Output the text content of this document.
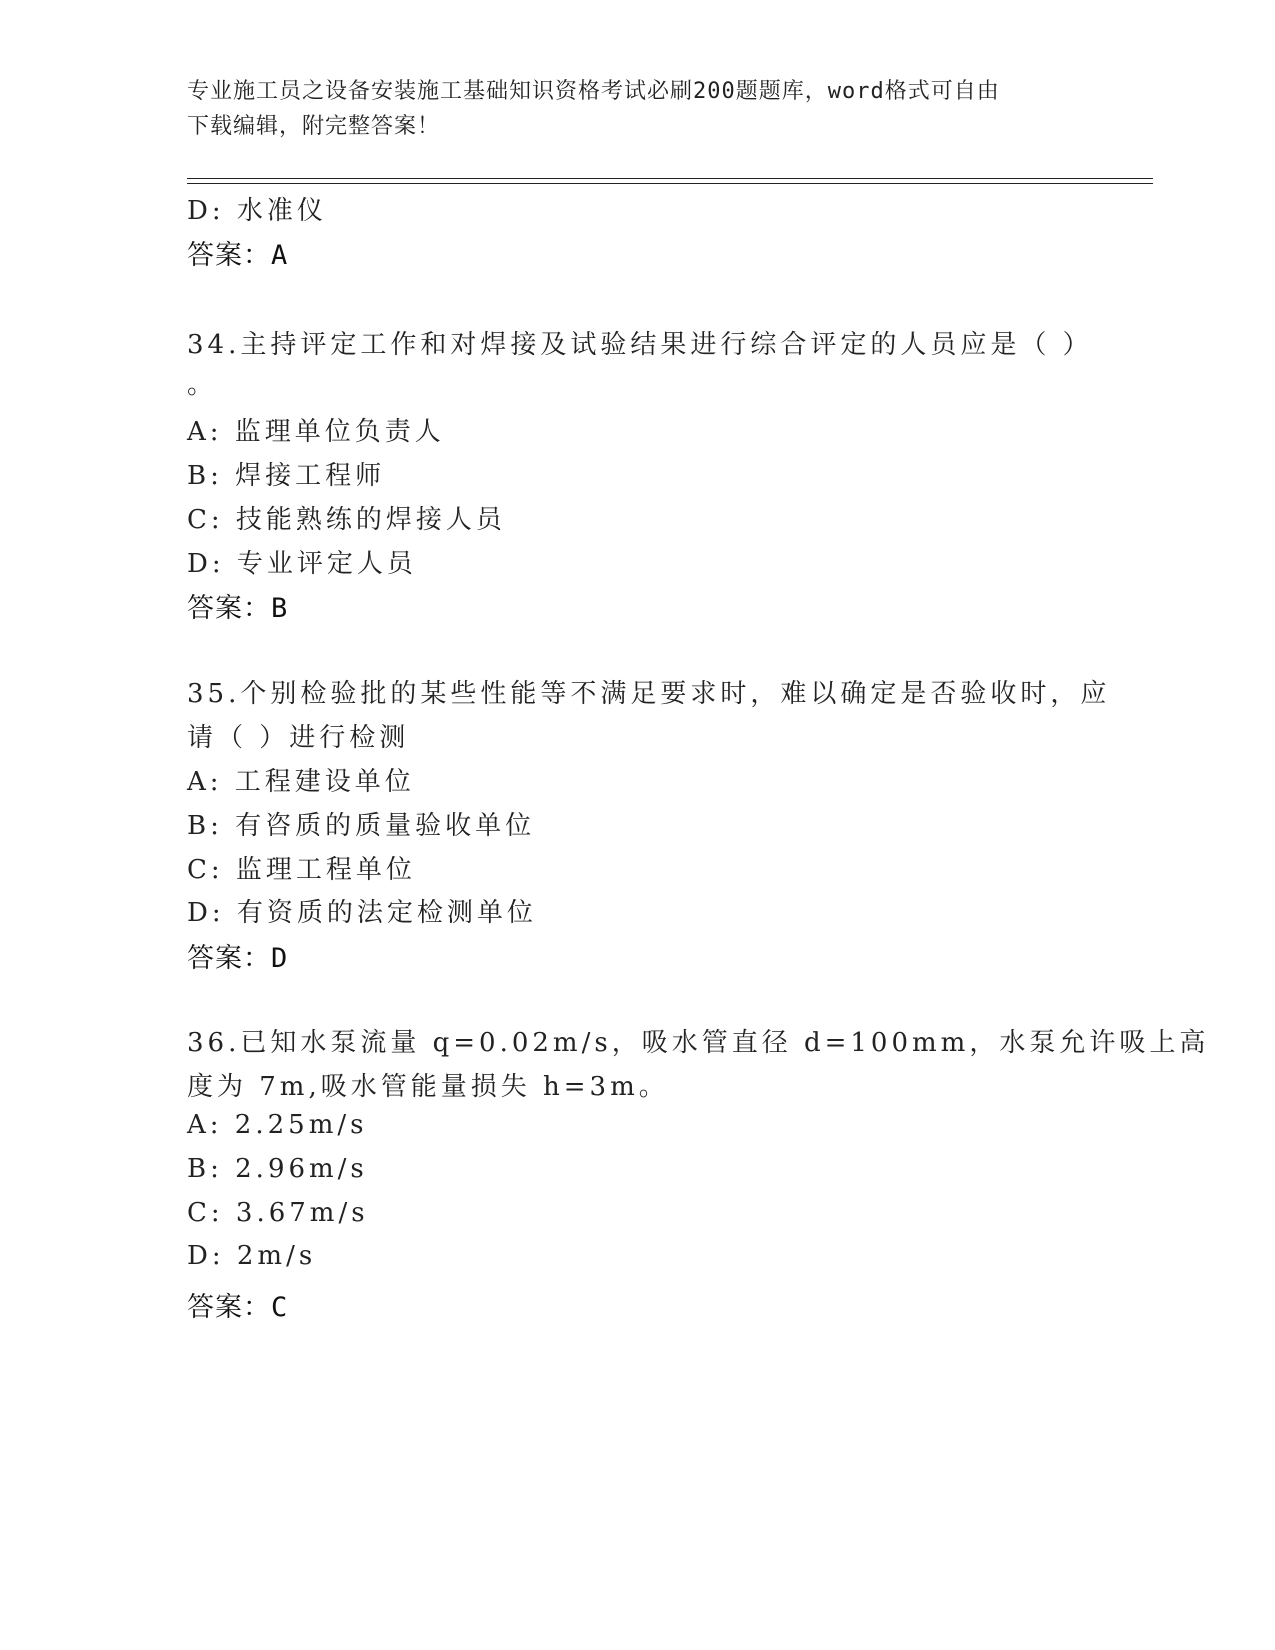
专业施工员之设备安装施工基础知识资格考试必刷200题题库，word格式可自由
下载编辑，附完整答案！
D: 水准仪
答案：A
34.主持评定工作和对焊接及试验结果进行综合评定的人员应是（ ）
。
A: 监理单位负责人
B: 焊接工程师
C: 技能熟练的焊接人员
D: 专业评定人员
答案：B
35.个别检验批的某些性能等不满足要求时，难以确定是否验收时，应
请（ ）进行检测
A: 工程建设单位
B: 有咨质的质量验收单位
C: 监理工程单位
D: 有资质的法定检测单位
答案：D
36.已知水泵流量 q=0.02m/s，吸水管直径 d=100mm，水泵允许吸上高
度为 7m,吸水管能量损失 h=3m。
A: 2.25m/s
B: 2.96m/s
C: 3.67m/s
D: 2m/s
答案：C
